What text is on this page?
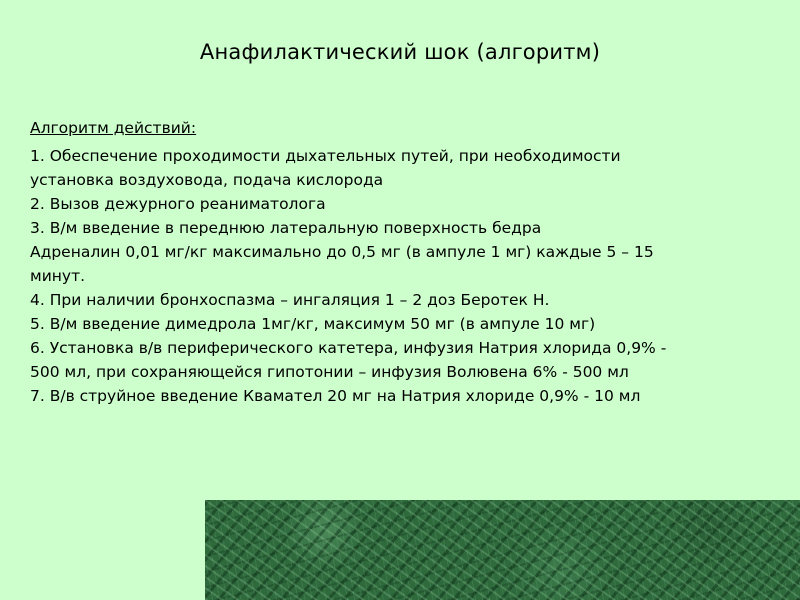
Анафилактический шок (алгоритм)
Алгоритм действий:
1. Обеспечение проходимости дыхательных путей, при необходимости
установка воздуховода, подача кислорода
2. Вызов дежурного реаниматолога
3. В/м введение в переднюю латеральную поверхность бедра
Адреналин 0,01 мг/кг максимально до 0,5 мг (в ампуле 1 мг) каждые 5 – 15
минут.
4. При наличии бронхоспазма – ингаляция 1 – 2 доз Беротек Н.
5. В/м введение димедрола 1мг/кг, максимум 50 мг (в ампуле 10 мг)
6. Установка в/в периферического катетера, инфузия Натрия хлорида 0,9% -
500 мл, при сохраняющейся гипотонии – инфузия Волювена 6% - 500 мл
7. В/в струйное введение Квамател 20 мг на Натрия хлориде 0,9% - 10 мл
